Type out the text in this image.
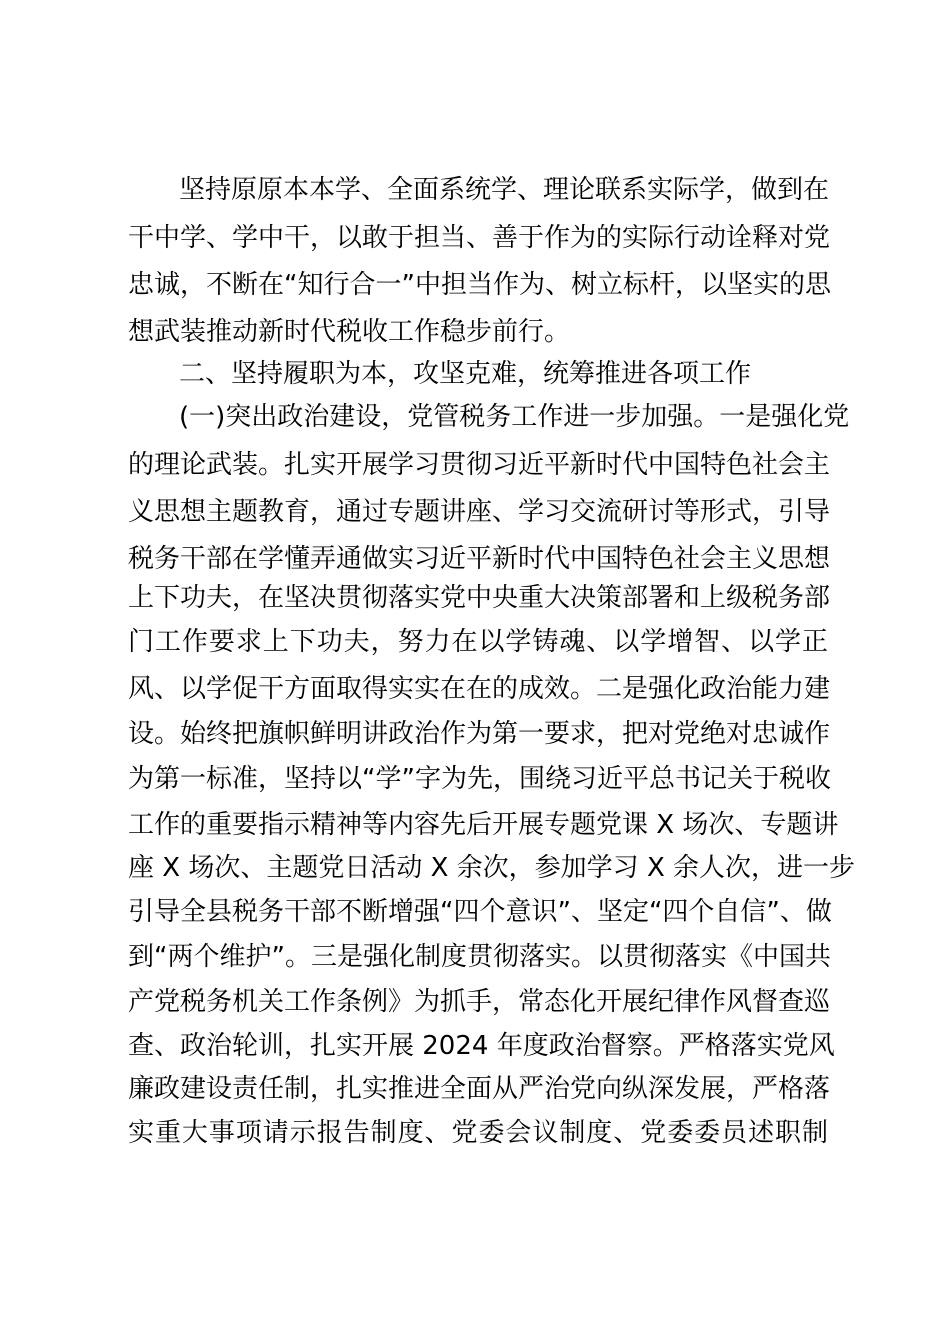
坚持原原本本学、全面系统学、理论联系实际学，做到在
干中学、学中干，以敢于担当、善于作为的实际行动诠释对党
忠诚，不断在“知行合一”中担当作为、树立标杆，以坚实的思
想武装推动新时代税收工作稳步前行。
二、坚持履职为本，攻坚克难，统筹推进各项工作
(一)突出政治建设，党管税务工作进一步加强。一是强化党
的理论武装。扎实开展学习贯彻习近平新时代中国特色社会主
义思想主题教育，通过专题讲座、学习交流研讨等形式，引导
税务干部在学懂弄通做实习近平新时代中国特色社会主义思想
上下功夫，在坚决贯彻落实党中央重大决策部署和上级税务部
门工作要求上下功夫，努力在以学铸魂、以学增智、以学正
风、以学促干方面取得实实在在的成效。二是强化政治能力建
设。始终把旗帜鲜明讲政治作为第一要求，把对党绝对忠诚作
为第一标准，坚持以“学”字为先，围绕习近平总书记关于税收
工作的重要指示精神等内容先后开展专题党课 X 场次、专题讲
座 X 场次、主题党日活动 X 余次，参加学习 X 余人次，进一步
引导全县税务干部不断增强“四个意识”、坚定“四个自信”、做
到“两个维护”。三是强化制度贯彻落实。以贯彻落实《中国共
产党税务机关工作条例》为抓手，常态化开展纪律作风督查巡
查、政治轮训，扎实开展 2024 年度政治督察。严格落实党风
廉政建设责任制，扎实推进全面从严治党向纵深发展，严格落
实重大事项请示报告制度、党委会议制度、党委委员述职制
